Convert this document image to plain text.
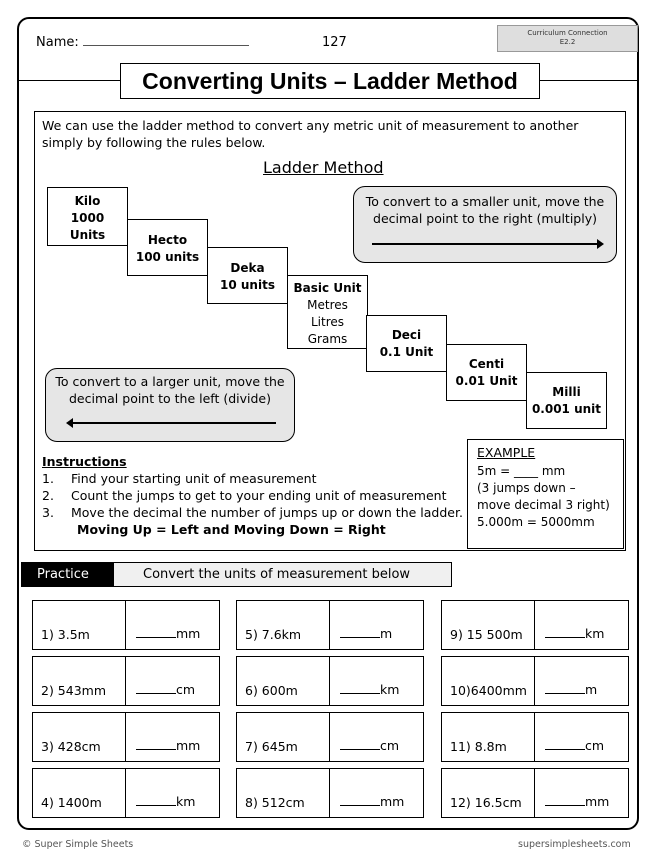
Name:	127
Curriculum Connection
E2.2
Converting Units – Ladder Method
We can use the ladder method to convert any metric unit of measurement to another simply by following the rules below.
Ladder Method
Kilo
1000
Units	Hecto
100 units
Deka
10 units	Basic Unit
Metres
Litres
Grams	Deci
0.1 Unit
Centi
0.01 Unit
Milli
0.001 unit
To convert to a smaller unit, move the decimal point to the right (multiply)
To convert to a larger unit, move the decimal point to the left (divide)
Instructions
1.	Find your starting unit of measurement
2.	Count the jumps to get to your ending unit of measurement
3.	Move the decimal the number of jumps up or down the ladder.
Moving Up = Left and Moving Down = Right
EXAMPLE
5m = ____ mm
(3 jumps down –
move decimal 3 right)
5.000m = 5000mm
Practice	Convert the units of measurement below
1) 3.5m	mm	5) 7.6km	m	9) 15 500m	km
2) 543mm	cm	6) 600m	km	10)6400mm	m
3) 428cm	mm	7) 645m	cm	11) 8.8m	cm
4) 1400m	km	8) 512cm	mm	12) 16.5cm	mm
© Super Simple Sheets	supersimplesheets.com
